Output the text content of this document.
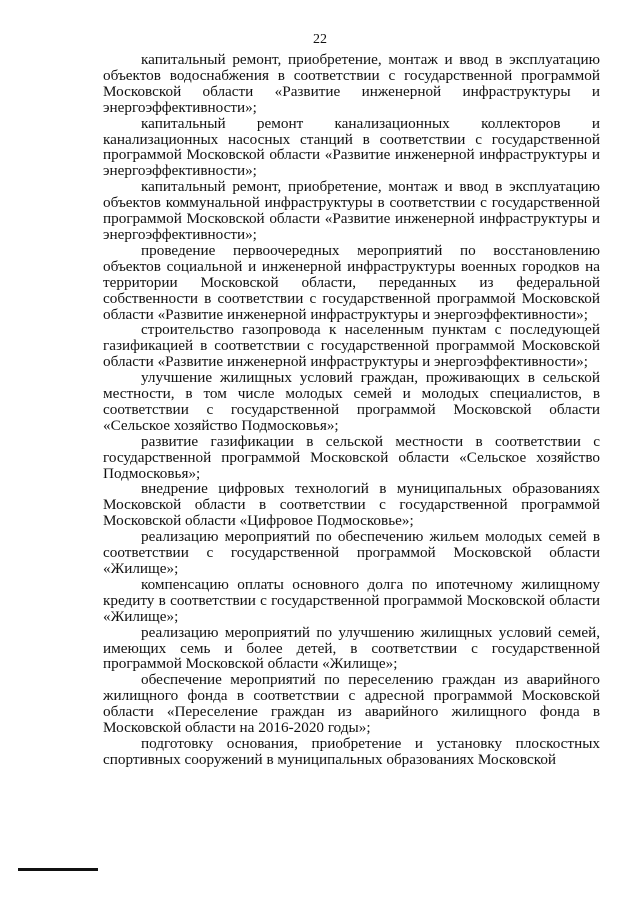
22

капитальный ремонт, приобретение, монтаж и ввод в эксплуатацию объектов водоснабжения в соответствии с государственной программой Московской области «Развитие инженерной инфраструктуры и энергоэффективности»;

капитальный ремонт канализационных коллекторов и канализационных насосных станций в соответствии с государственной программой Московской области «Развитие инженерной инфраструктуры и энергоэффективности»;

капитальный ремонт, приобретение, монтаж и ввод в эксплуатацию объектов коммунальной инфраструктуры в соответствии с государственной программой Московской области «Развитие инженерной инфраструктуры и энергоэффективности»;

проведение первоочередных мероприятий по восстановлению объектов социальной и инженерной инфраструктуры военных городков на территории Московской области, переданных из федеральной собственности в соответствии с государственной программой Московской области «Развитие инженерной инфраструктуры и энергоэффективности»;

строительство газопровода к населенным пунктам с последующей газификацией в соответствии с государственной программой Московской области «Развитие инженерной инфраструктуры и энергоэффективности»;

улучшение жилищных условий граждан, проживающих в сельской местности, в том числе молодых семей и молодых специалистов, в соответствии с государственной программой Московской области «Сельское хозяйство Подмосковья»;

развитие газификации в сельской местности в соответствии с государственной программой Московской области «Сельское хозяйство Подмосковья»;

внедрение цифровых технологий в муниципальных образованиях Московской области в соответствии с государственной программой Московской области «Цифровое Подмосковье»;

реализацию мероприятий по обеспечению жильем молодых семей в соответствии с государственной программой Московской области «Жилище»;

компенсацию оплаты основного долга по ипотечному жилищному кредиту в соответствии с государственной программой Московской области «Жилище»;

реализацию мероприятий по улучшению жилищных условий семей, имеющих семь и более детей, в соответствии с государственной программой Московской области «Жилище»;

обеспечение мероприятий по переселению граждан из аварийного жилищного фонда в соответствии с адресной программой Московской области «Переселение граждан из аварийного жилищного фонда в Московской области на 2016-2020 годы»;

подготовку основания, приобретение и установку плоскостных спортивных сооружений в муниципальных образованиях Московской
